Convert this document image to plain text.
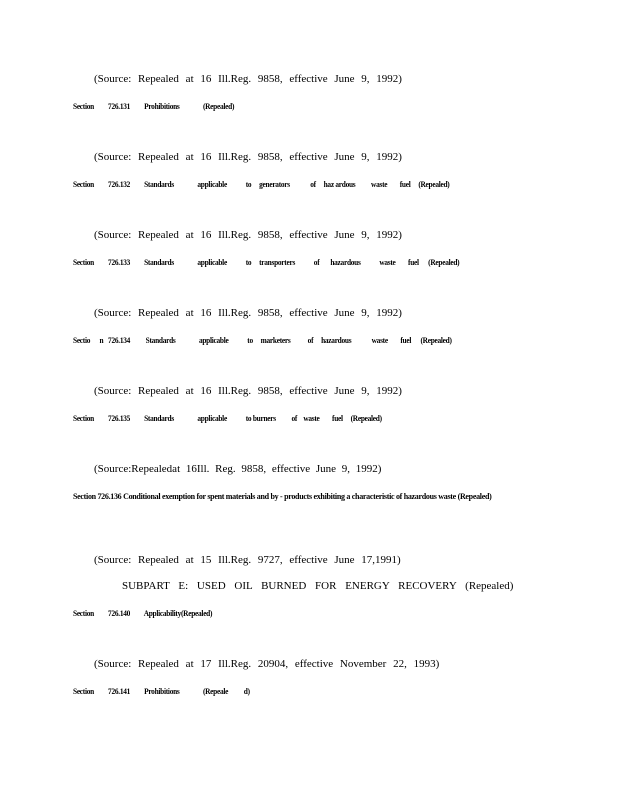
(Source: Repealed at 16 Ill.Reg. 9858, effective June 9, 1992)
Section         726.131         Prohibitions               (Repealed)
(Source: Repealed at 16 Ill.Reg. 9858, effective June 9, 1992)
Section         726.132         Standards               applicable            to     generators             of     haz ardous          waste        fuel     (Repealed)
(Source: Repealed at 16 Ill.Reg. 9858, effective June 9, 1992)
Section         726.133         Standards               applicable            to     transporters            of       hazardous            waste        fuel      (Repealed)
(Source: Repealed at 16 Ill.Reg. 9858, effective June 9, 1992)
Sectio      n   726.134          Standards               applicable            to     marketers           of     hazardous             waste        fuel      (Repealed)
(Source: Repealed at 16 Ill.Reg. 9858, effective June 9, 1992)
Section         726.135         Standards               applicable            to burners          of    waste        fuel     (Repealed)
(Source:Repealedat 16Ill. Reg. 9858, effective June 9, 1992)
Section 726.136 Conditional exemption for spent materials and by - products exhibiting a characteristic of hazardous waste (Repealed)
(Source: Repealed at 15 Ill.Reg. 9727, effective June 17,1991)
SUBPART E: USED OIL BURNED FOR ENERGY RECOVERY (Repealed)
Section         726.140         Applicability(Repealed)
(Source: Repealed at 17 Ill.Reg. 20904, effective November 22, 1993)
Section         726.141         Prohibitions               (Repeale          d)
